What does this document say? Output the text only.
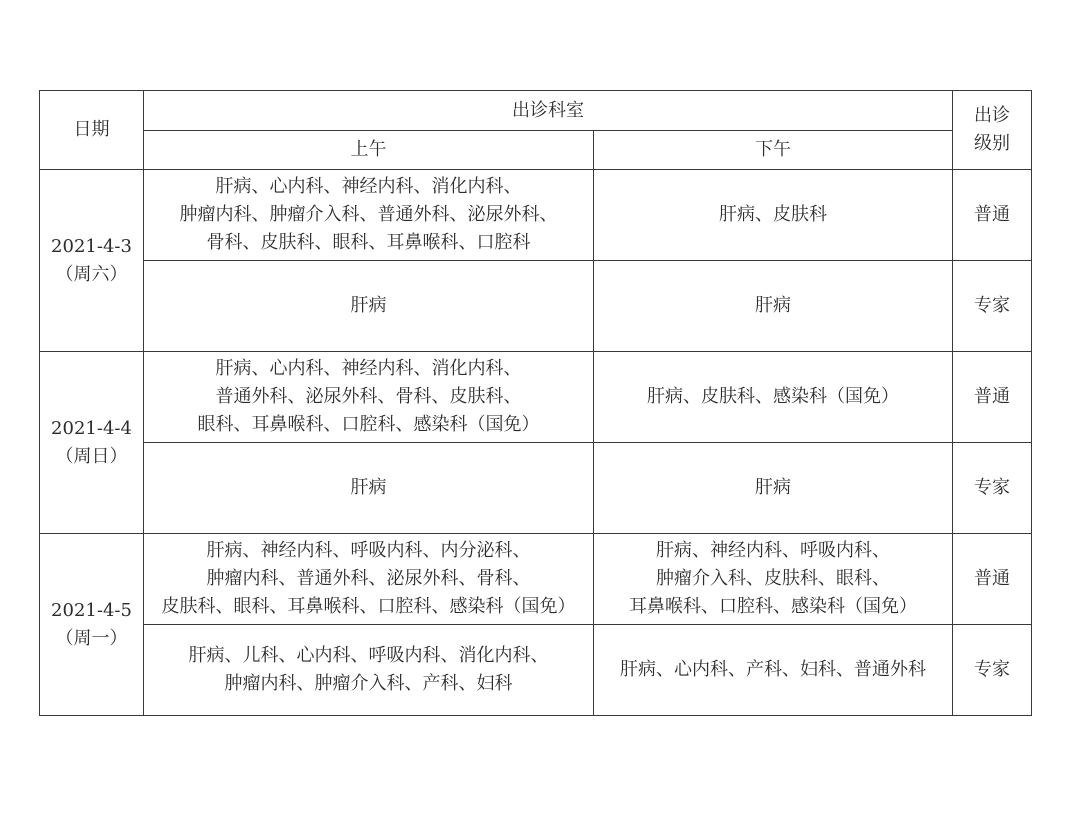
日期	出诊科室		出诊
级别

	上午	下午	

2021-4-3
（周六）	肝病、心内科、神经内科、消化内科、
肿瘤内科、肿瘤介入科、普通外科、泌尿外科、
骨科、皮肤科、眼科、耳鼻喉科、口腔科	肝病、皮肤科	普通

	肝病	肝病	专家

2021-4-4
（周日）	肝病、心内科、神经内科、消化内科、
普通外科、泌尿外科、骨科、皮肤科、
眼科、耳鼻喉科、口腔科、感染科（国免）	肝病、皮肤科、感染科（国免）	普通

	肝病	肝病	专家

2021-4-5
（周一）	肝病、神经内科、呼吸内科、内分泌科、
肿瘤内科、普通外科、泌尿外科、骨科、
皮肤科、眼科、耳鼻喉科、口腔科、感染科（国免）	肝病、神经内科、呼吸内科、
肿瘤介入科、皮肤科、眼科、
耳鼻喉科、口腔科、感染科（国免）	普通

	肝病、儿科、心内科、呼吸内科、消化内科、
肿瘤内科、肿瘤介入科、产科、妇科	肝病、心内科、产科、妇科、普通外科	专家
